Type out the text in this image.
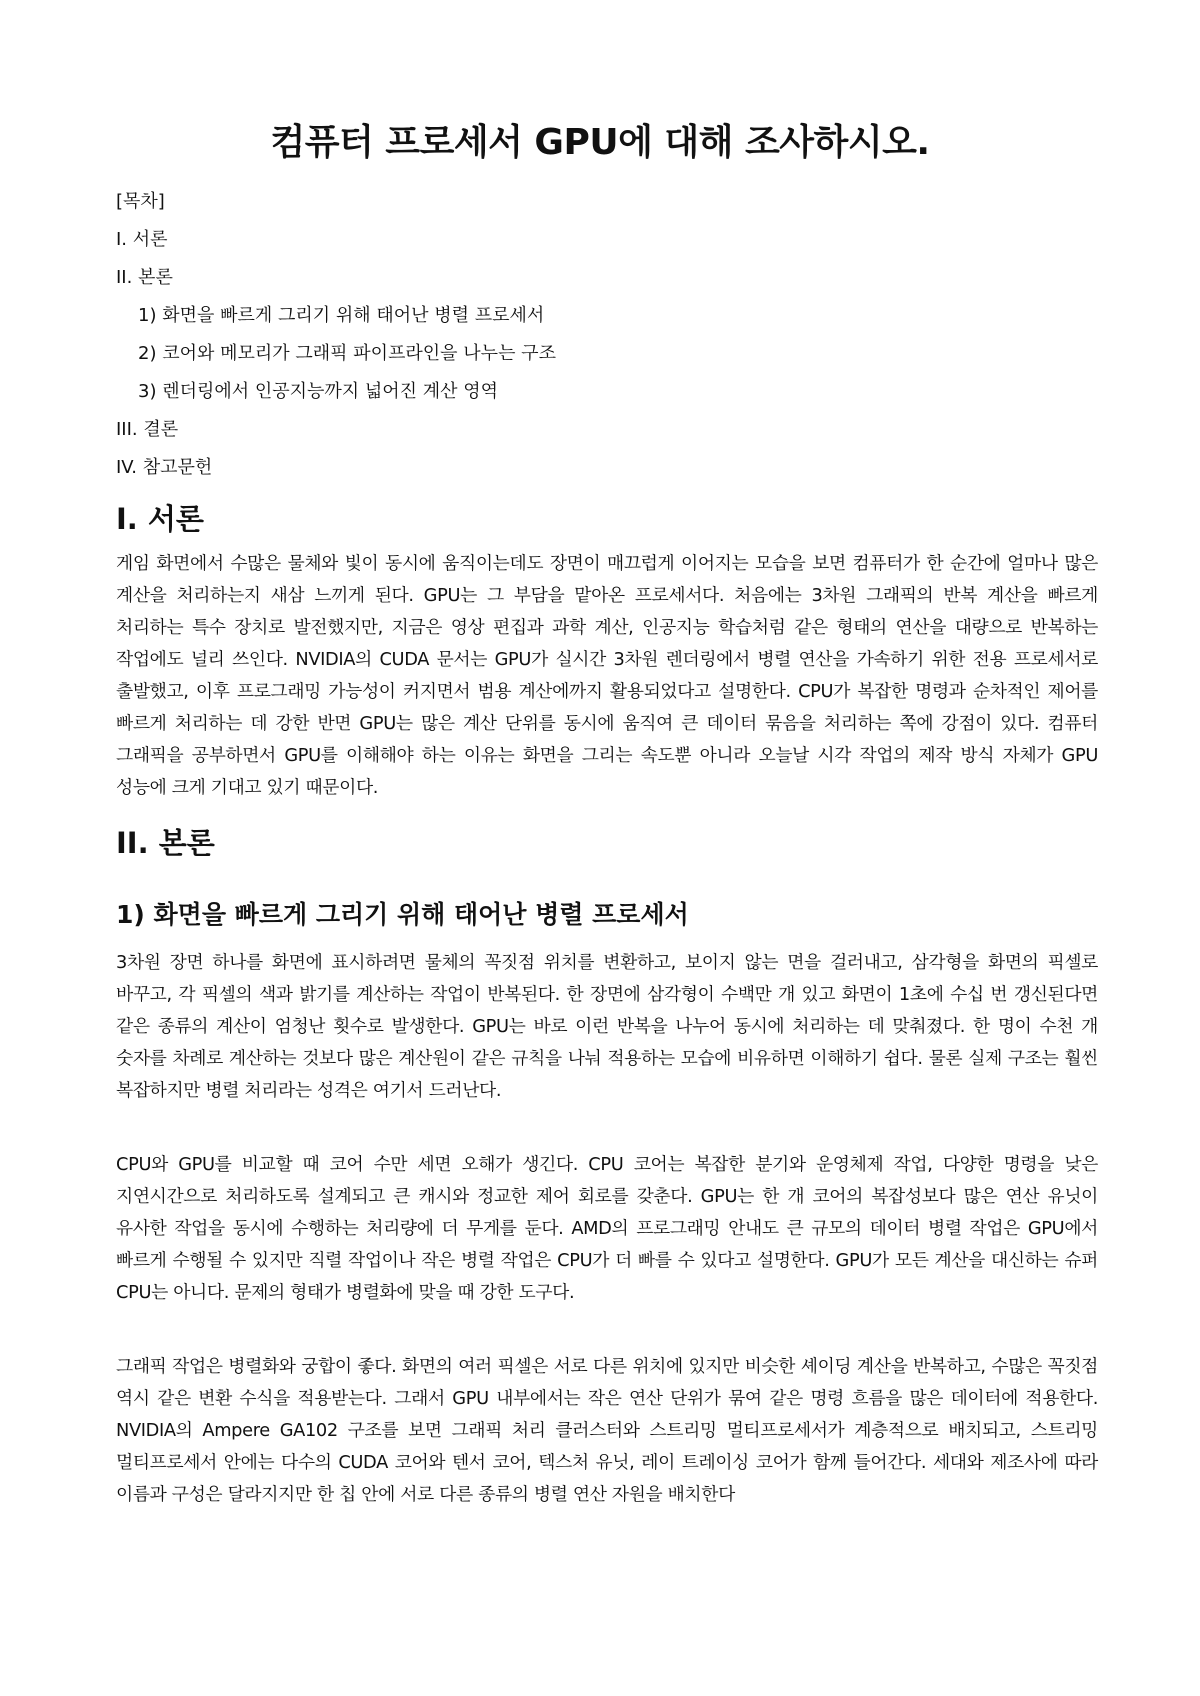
컴퓨터 프로세서 GPU에 대해 조사하시오.
[목차]
I. 서론
II. 본론
1) 화면을 빠르게 그리기 위해 태어난 병렬 프로세서
2) 코어와 메모리가 그래픽 파이프라인을 나누는 구조
3) 렌더링에서 인공지능까지 넓어진 계산 영역
III. 결론
IV. 참고문헌
I. 서론

게임 화면에서 수많은 물체와 빛이 동시에 움직이는데도 장면이 매끄럽게 이어지는 모습을 보면 컴퓨터가 한 순간에 얼마나 많은 계산을 처리하는지 새삼 느끼게 된다. GPU는 그 부담을 맡아온 프로세서다. 처음에는 3차원 그래픽의 반복 계산을 빠르게 처리하는 특수 장치로 발전했지만, 지금은 영상 편집과 과학 계산, 인공지능 학습처럼 같은 형태의 연산을 대량으로 반복하는 작업에도 널리 쓰인다. NVIDIA의 CUDA 문서는 GPU가 실시간 3차원 렌더링에서 병렬 연산을 가속하기 위한 전용 프로세서로 출발했고, 이후 프로그래밍 가능성이 커지면서 범용 계산에까지 활용되었다고 설명한다. CPU가 복잡한 명령과 순차적인 제어를 빠르게 처리하는 데 강한 반면 GPU는 많은 계산 단위를 동시에 움직여 큰 데이터 묶음을 처리하는 쪽에 강점이 있다. 컴퓨터 그래픽을 공부하면서 GPU를 이해해야 하는 이유는 화면을 그리는 속도뿐 아니라 오늘날 시각 작업의 제작 방식 자체가 GPU 성능에 크게 기대고 있기 때문이다.

II. 본론
1) 화면을 빠르게 그리기 위해 태어난 병렬 프로세서

3차원 장면 하나를 화면에 표시하려면 물체의 꼭짓점 위치를 변환하고, 보이지 않는 면을 걸러내고, 삼각형을 화면의 픽셀로 바꾸고, 각 픽셀의 색과 밝기를 계산하는 작업이 반복된다. 한 장면에 삼각형이 수백만 개 있고 화면이 1초에 수십 번 갱신된다면 같은 종류의 계산이 엄청난 횟수로 발생한다. GPU는 바로 이런 반복을 나누어 동시에 처리하는 데 맞춰졌다. 한 명이 수천 개 숫자를 차례로 계산하는 것보다 많은 계산원이 같은 규칙을 나눠 적용하는 모습에 비유하면 이해하기 쉽다. 물론 실제 구조는 훨씬 복잡하지만 병렬 처리라는 성격은 여기서 드러난다.

CPU와 GPU를 비교할 때 코어 수만 세면 오해가 생긴다. CPU 코어는 복잡한 분기와 운영체제 작업, 다양한 명령을 낮은 지연시간으로 처리하도록 설계되고 큰 캐시와 정교한 제어 회로를 갖춘다. GPU는 한 개 코어의 복잡성보다 많은 연산 유닛이 유사한 작업을 동시에 수행하는 처리량에 더 무게를 둔다. AMD의 프로그래밍 안내도 큰 규모의 데이터 병렬 작업은 GPU에서 빠르게 수행될 수 있지만 직렬 작업이나 작은 병렬 작업은 CPU가 더 빠를 수 있다고 설명한다. GPU가 모든 계산을 대신하는 슈퍼 CPU는 아니다. 문제의 형태가 병렬화에 맞을 때 강한 도구다.

그래픽 작업은 병렬화와 궁합이 좋다. 화면의 여러 픽셀은 서로 다른 위치에 있지만 비슷한 셰이딩 계산을 반복하고, 수많은 꼭짓점 역시 같은 변환 수식을 적용받는다. 그래서 GPU 내부에서는 작은 연산 단위가 묶여 같은 명령 흐름을 많은 데이터에 적용한다. NVIDIA의 Ampere GA102 구조를 보면 그래픽 처리 클러스터와 스트리밍 멀티프로세서가 계층적으로 배치되고, 스트리밍 멀티프로세서 안에는 다수의 CUDA 코어와 텐서 코어, 텍스처 유닛, 레이 트레이싱 코어가 함께 들어간다. 세대와 제조사에 따라 이름과 구성은 달라지지만 한 칩 안에 서로 다른 종류의 병렬 연산 자원을 배치한다
